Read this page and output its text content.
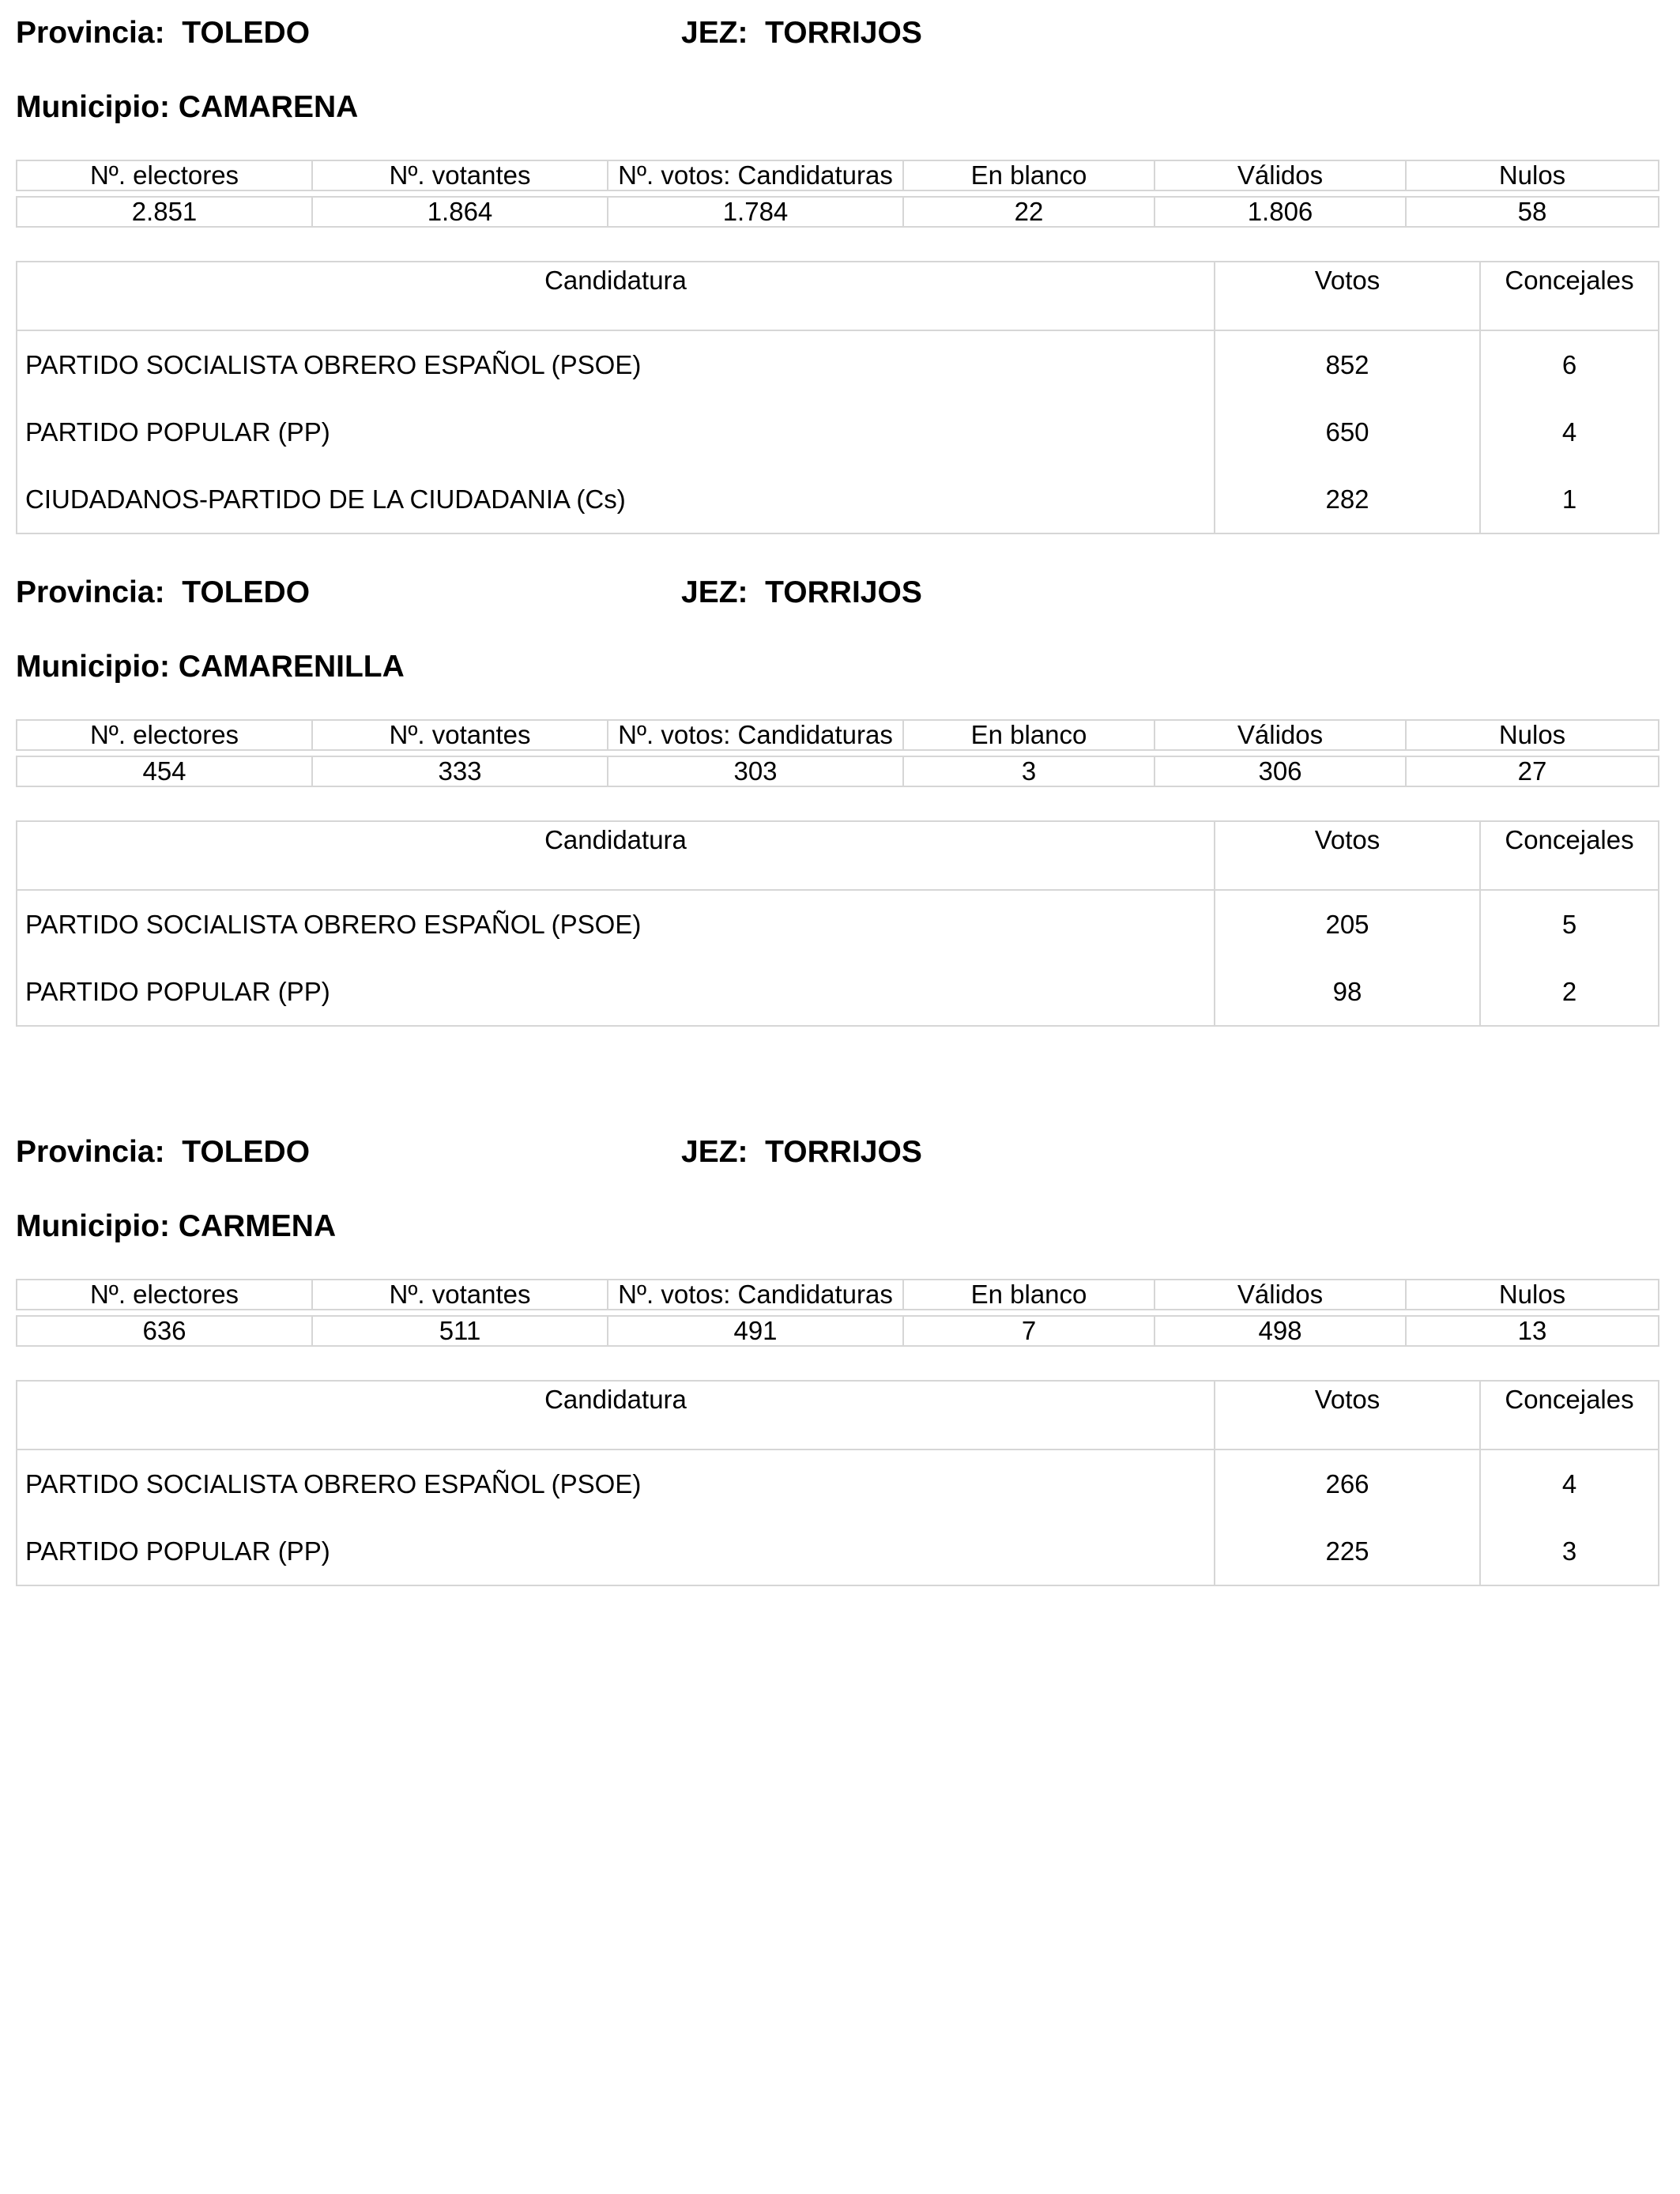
Provincia:  TOLEDO	JEZ:  TORRIJOS
Municipio: CAMARENA
Nº. electores	Nº. votantes	Nº. votos: Candidaturas	En blanco	Válidos	Nulos

2.851	1.864	1.784	22	1.806	58
Candidatura	Votos	Concejales
PARTIDO SOCIALISTA OBRERO ESPAÑOL (PSOE)	852	6
PARTIDO POPULAR (PP)	650	4
CIUDADANOS-PARTIDO DE LA CIUDADANIA (Cs)	282	1
Provincia:  TOLEDO	JEZ:  TORRIJOS
Municipio: CAMARENILLA
Nº. electores	Nº. votantes	Nº. votos: Candidaturas	En blanco	Válidos	Nulos

454	333	303	3	306	27
Candidatura	Votos	Concejales
PARTIDO SOCIALISTA OBRERO ESPAÑOL (PSOE)	205	5
PARTIDO POPULAR (PP)	98	2
Provincia:  TOLEDO	JEZ:  TORRIJOS
Municipio: CARMENA
Nº. electores	Nº. votantes	Nº. votos: Candidaturas	En blanco	Válidos	Nulos

636	511	491	7	498	13
Candidatura	Votos	Concejales
PARTIDO SOCIALISTA OBRERO ESPAÑOL (PSOE)	266	4
PARTIDO POPULAR (PP)	225	3
